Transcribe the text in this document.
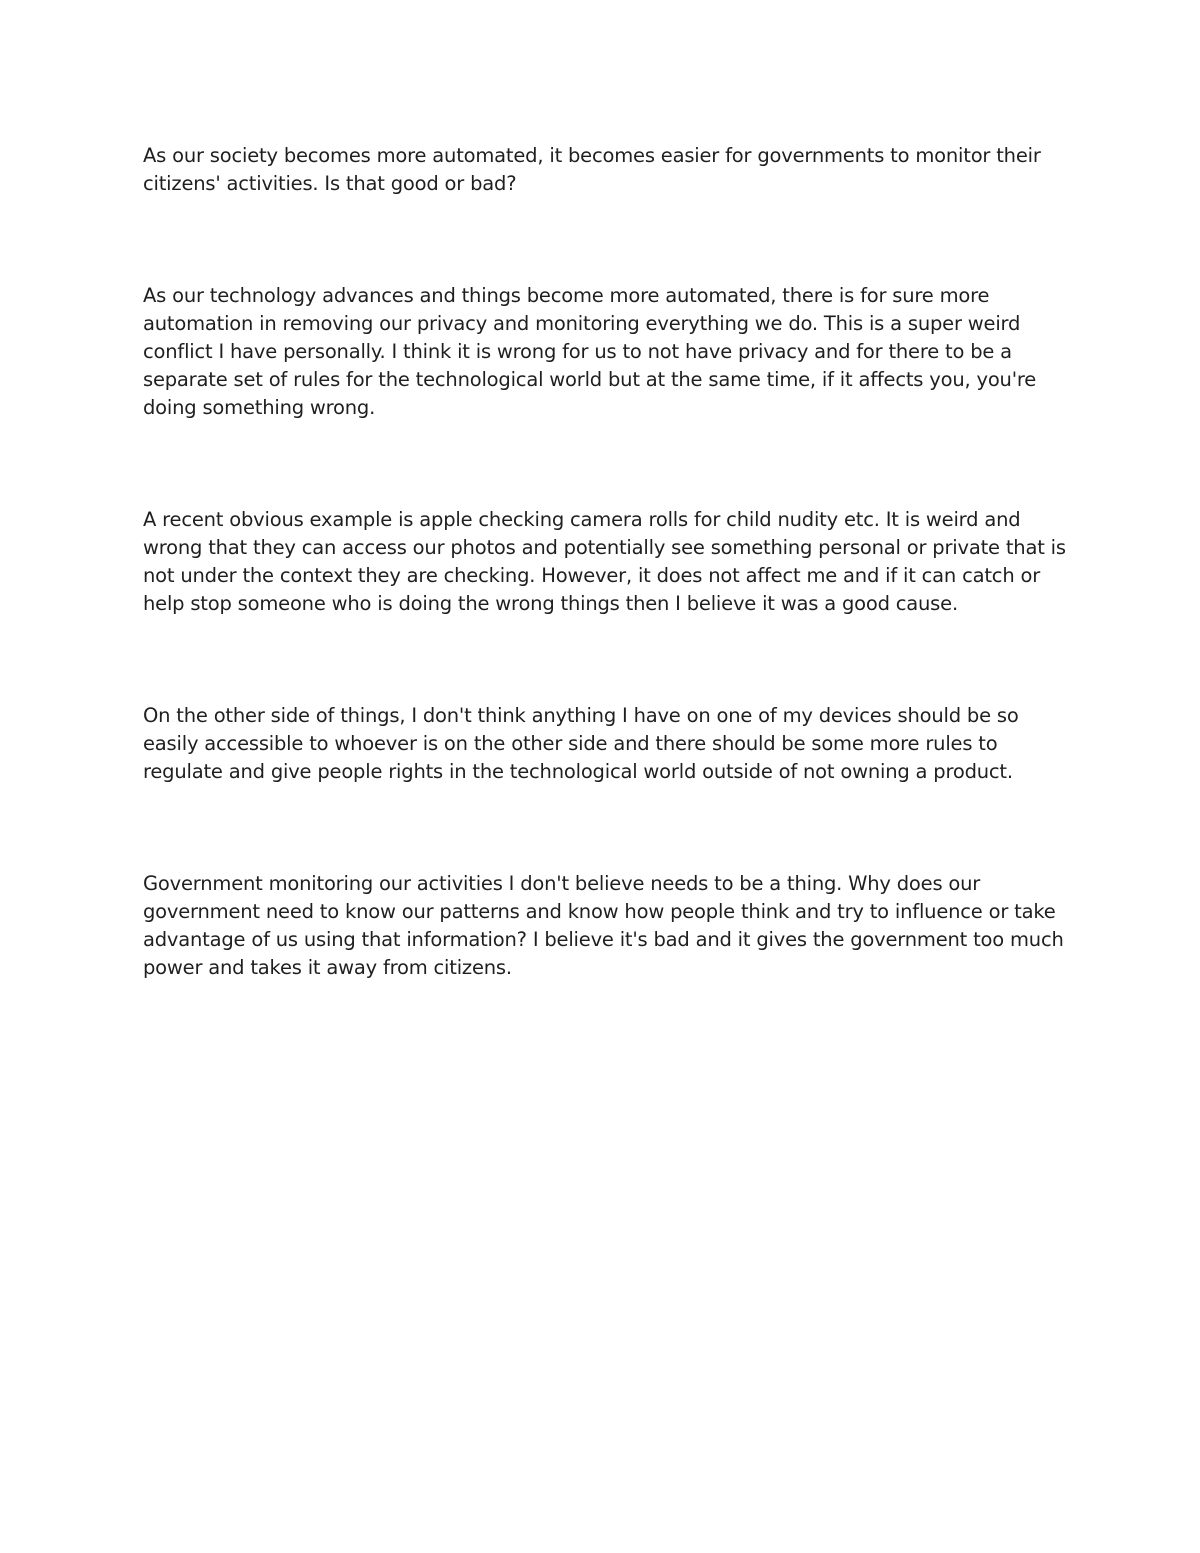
As our society becomes more automated, it becomes easier for governments to monitor their citizens' activities. Is that good or bad?

As our technology advances and things become more automated, there is for sure more automation in removing our privacy and monitoring everything we do. This is a super weird conflict I have personally. I think it is wrong for us to not have privacy and for there to be a separate set of rules for the technological world but at the same time, if it affects you, you're doing something wrong.

A recent obvious example is apple checking camera rolls for child nudity etc. It is weird and wrong that they can access our photos and potentially see something personal or private that is not under the context they are checking. However, it does not affect me and if it can catch or help stop someone who is doing the wrong things then I believe it was a good cause.

On the other side of things, I don't think anything I have on one of my devices should be so easily accessible to whoever is on the other side and there should be some more rules to regulate and give people rights in the technological world outside of not owning a product.

Government monitoring our activities I don't believe needs to be a thing. Why does our government need to know our patterns and know how people think and try to influence or take advantage of us using that information? I believe it's bad and it gives the government too much power and takes it away from citizens.
